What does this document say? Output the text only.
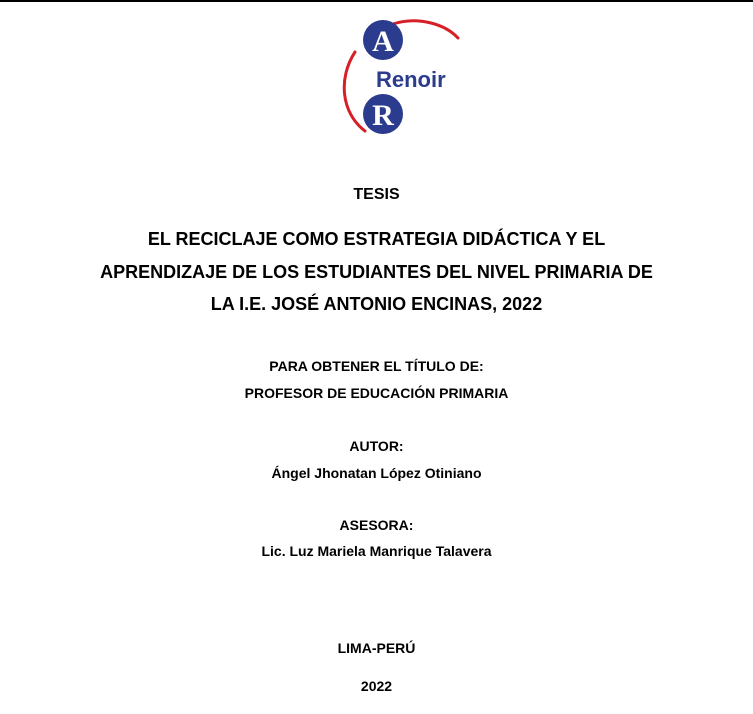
A
R
Renoir
TESIS
EL RECICLAJE COMO ESTRATEGIA DIDÁCTICA Y EL
APRENDIZAJE DE LOS ESTUDIANTES DEL NIVEL PRIMARIA DE
LA I.E. JOSÉ ANTONIO ENCINAS, 2022
PARA OBTENER EL TÍTULO DE:
PROFESOR DE EDUCACIÓN PRIMARIA
AUTOR:
Ángel Jhonatan López Otiniano
ASESORA:
Lic. Luz Mariela Manrique Talavera
LIMA-PERÚ
2022
